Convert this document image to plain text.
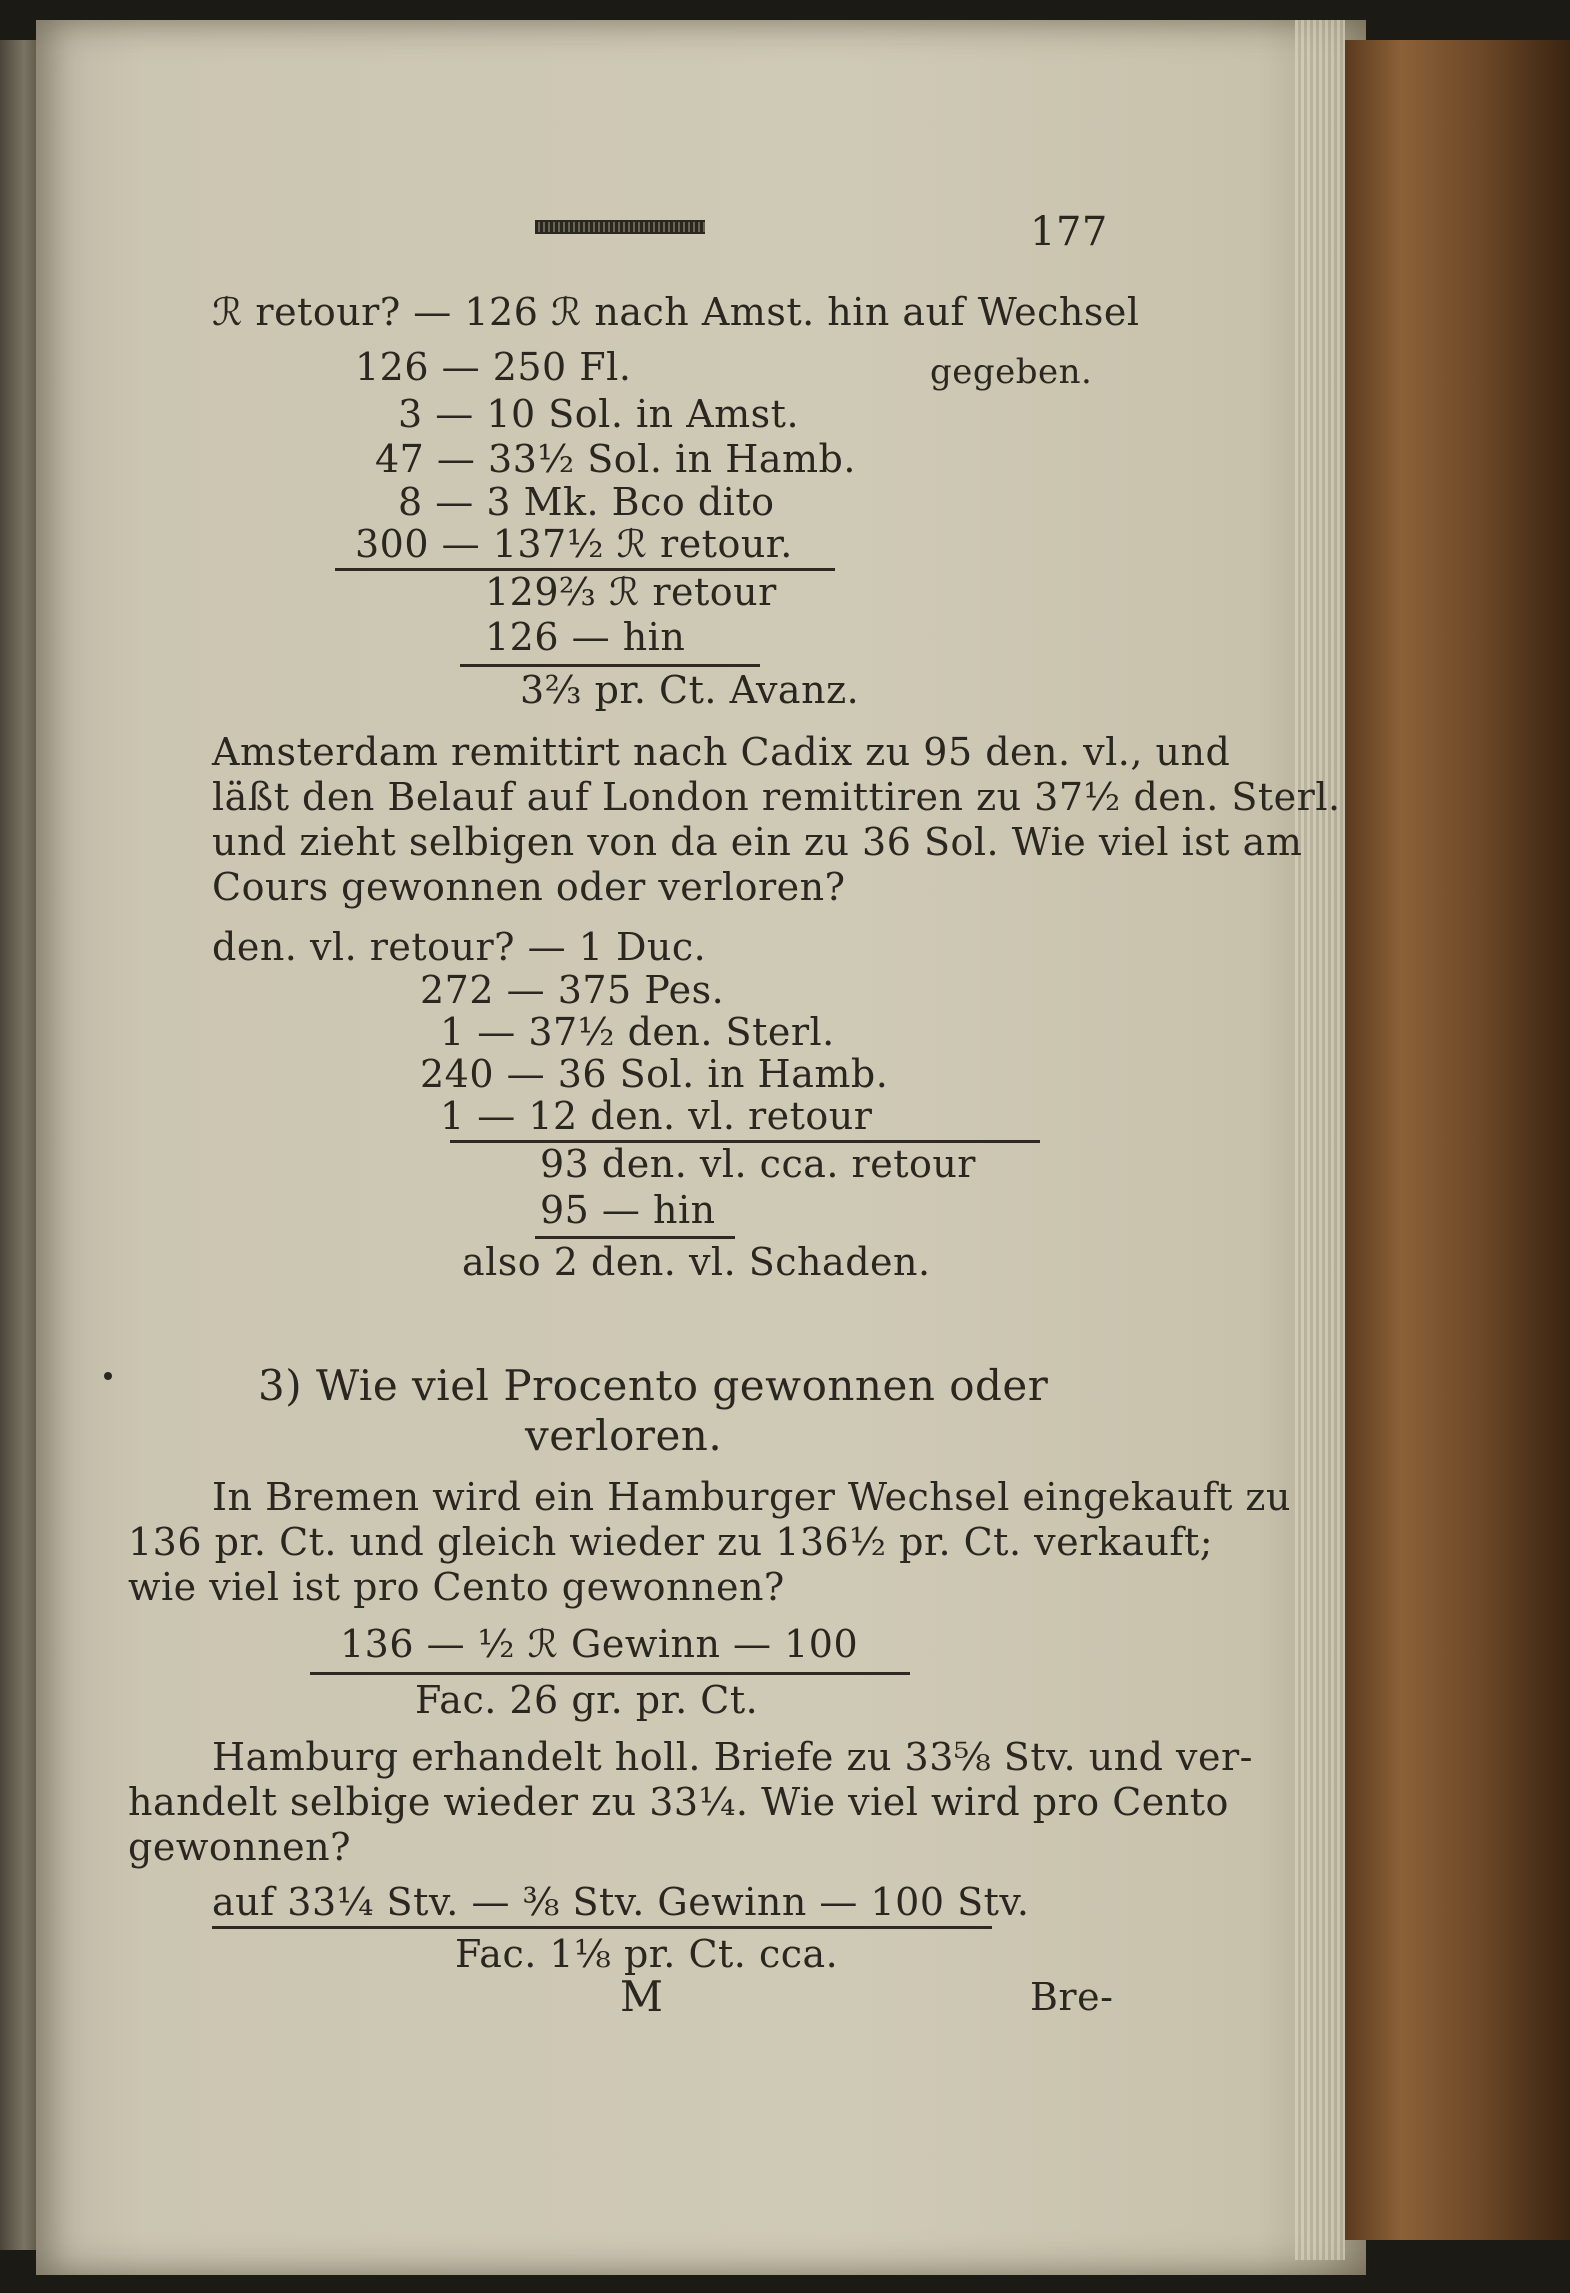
177
ℛ retour? — 126 ℛ nach Amst. hin auf Wechsel
126 — 250 Fl.	gegeben.
3 — 10 Sol. in Amst.
47 — 33½ Sol. in Hamb.
8 — 3 Mk. Bco dito
300 — 137½ ℛ retour.
129⅔ ℛ retour
126 — hin
3⅔ pr. Ct. Avanz.
Amsterdam remittirt nach Cadix zu 95 den. vl., und
läßt den Belauf auf London remittiren zu 37½ den. Sterl.
und zieht selbigen von da ein zu 36 Sol. Wie viel ist am
Cours gewonnen oder verloren?
den. vl. retour? — 1 Duc.
272 — 375 Pes.
1 — 37½ den. Sterl.
240 — 36 Sol. in Hamb.
1 — 12 den. vl. retour
93 den. vl. cca. retour
95 — hin
also 2 den. vl. Schaden.
3) Wie viel Procento gewonnen oder
verloren.
In Bremen wird ein Hamburger Wechsel eingekauft zu
136 pr. Ct. und gleich wieder zu 136½ pr. Ct. verkauft;
wie viel ist pro Cento gewonnen?
136 — ½ ℛ Gewinn — 100
Fac. 26 gr. pr. Ct.
Hamburg erhandelt holl. Briefe zu 33⅝ Stv. und ver-
handelt selbige wieder zu 33¼. Wie viel wird pro Cento
gewonnen?
auf 33¼ Stv. — ⅜ Stv. Gewinn — 100 Stv.
Fac. 1⅛ pr. Ct. cca.
M	Bre-
